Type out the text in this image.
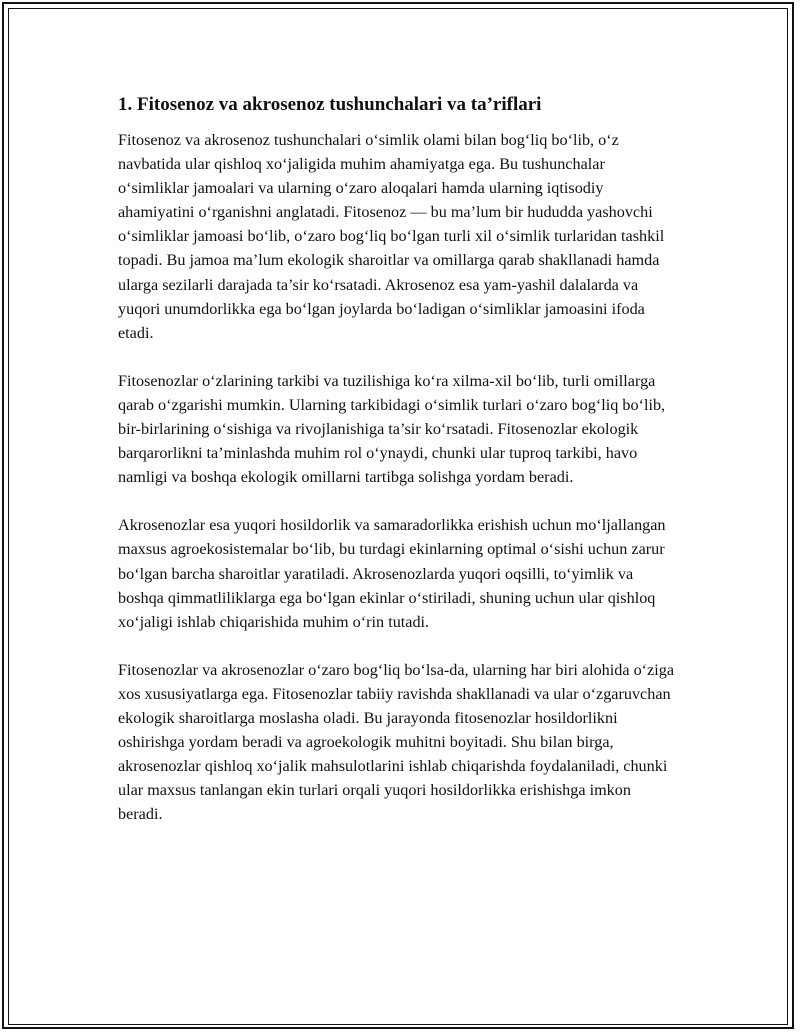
1. Fitosenoz va akrosenoz tushunchalari va ta’riflari

Fitosenoz va akrosenoz tushunchalari o‘simlik olami bilan bog‘liq bo‘lib, o‘z navbatida ular qishloq xo‘jaligida muhim ahamiyatga ega. Bu tushunchalar o‘simliklar jamoalari va ularning o‘zaro aloqalari hamda ularning iqtisodiy ahamiyatini o‘rganishni anglatadi. Fitosenoz — bu ma’lum bir hududda yashovchi o‘simliklar jamoasi bo‘lib, o‘zaro bog‘liq bo‘lgan turli xil o‘simlik turlaridan tashkil topadi. Bu jamoa ma’lum ekologik sharoitlar va omillarga qarab shakllanadi hamda ularga sezilarli darajada ta’sir ko‘rsatadi. Akrosenoz esa yam-yashil dalalarda va yuqori unumdorlikka ega bo‘lgan joylarda bo‘ladigan o‘simliklar jamoasini ifoda etadi.

Fitosenozlar o‘zlarining tarkibi va tuzilishiga ko‘ra xilma-xil bo‘lib, turli omillarga qarab o‘zgarishi mumkin. Ularning tarkibidagi o‘simlik turlari o‘zaro bog‘liq bo‘lib, bir-birlarining o‘sishiga va rivojlanishiga ta’sir ko‘rsatadi. Fitosenozlar ekologik barqarorlikni ta’minlashda muhim rol o‘ynaydi, chunki ular tuproq tarkibi, havo namligi va boshqa ekologik omillarni tartibga solishga yordam beradi.

Akrosenozlar esa yuqori hosildorlik va samaradorlikka erishish uchun mo‘ljallangan maxsus agroekosistemalar bo‘lib, bu turdagi ekinlarning optimal o‘sishi uchun zarur bo‘lgan barcha sharoitlar yaratiladi. Akrosenozlarda yuqori oqsilli, to‘yimlik va boshqa qimmatliliklarga ega bo‘lgan ekinlar o‘stiriladi, shuning uchun ular qishloq xo‘jaligi ishlab chiqarishida muhim o‘rin tutadi.

Fitosenozlar va akrosenozlar o‘zaro bog‘liq bo‘lsa-da, ularning har biri alohida o‘ziga xos xususiyatlarga ega. Fitosenozlar tabiiy ravishda shakllanadi va ular o‘zgaruvchan ekologik sharoitlarga moslasha oladi. Bu jarayonda fitosenozlar hosildorlikni oshirishga yordam beradi va agroekologik muhitni boyitadi. Shu bilan birga, akrosenozlar qishloq xo‘jalik mahsulotlarini ishlab chiqarishda foydalaniladi, chunki ular maxsus tanlangan ekin turlari orqali yuqori hosildorlikka erishishga imkon beradi.
